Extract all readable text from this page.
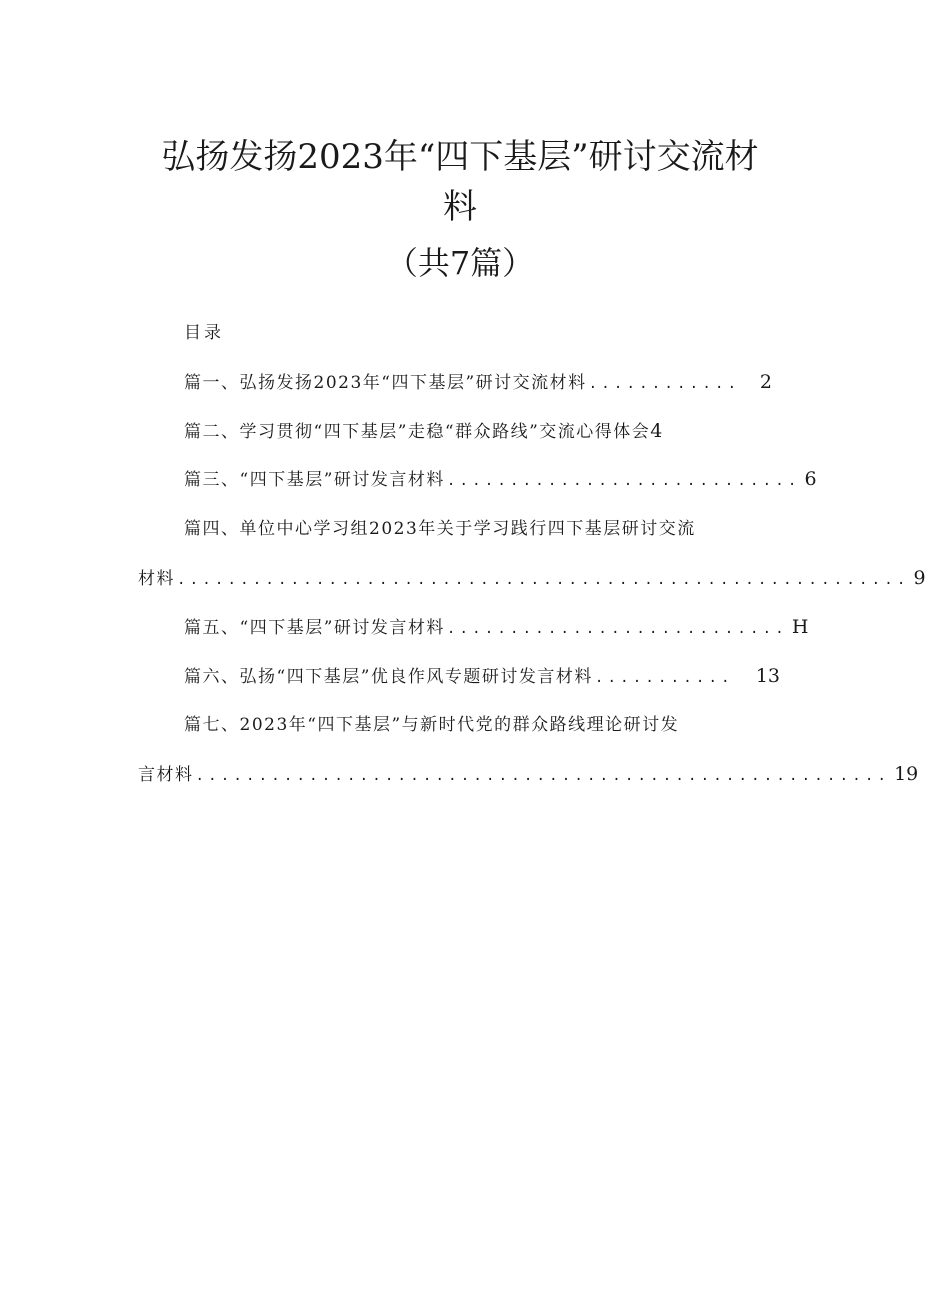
弘扬发扬2023年“四下基层”研讨交流材
料
（共7篇）
目录
篇一、弘扬发扬2023年“四下基层”研讨交流材料 ............	2
篇二、学习贯彻“四下基层”走稳“群众路线”交流心得体会 4
篇三、“四下基层”研讨发言材料 ............................ 6
篇四、单位中心学习组2023年关于学习践行四下基层研讨交流
材料 .......................................................... 9
篇五、“四下基层”研讨发言材料 ........................... H
篇六、弘扬“四下基层”优良作风专题研讨发言材料 ...........	13
篇七、2023年“四下基层”与新时代党的群众路线理论研讨发
言材料 ....................................................... 19
